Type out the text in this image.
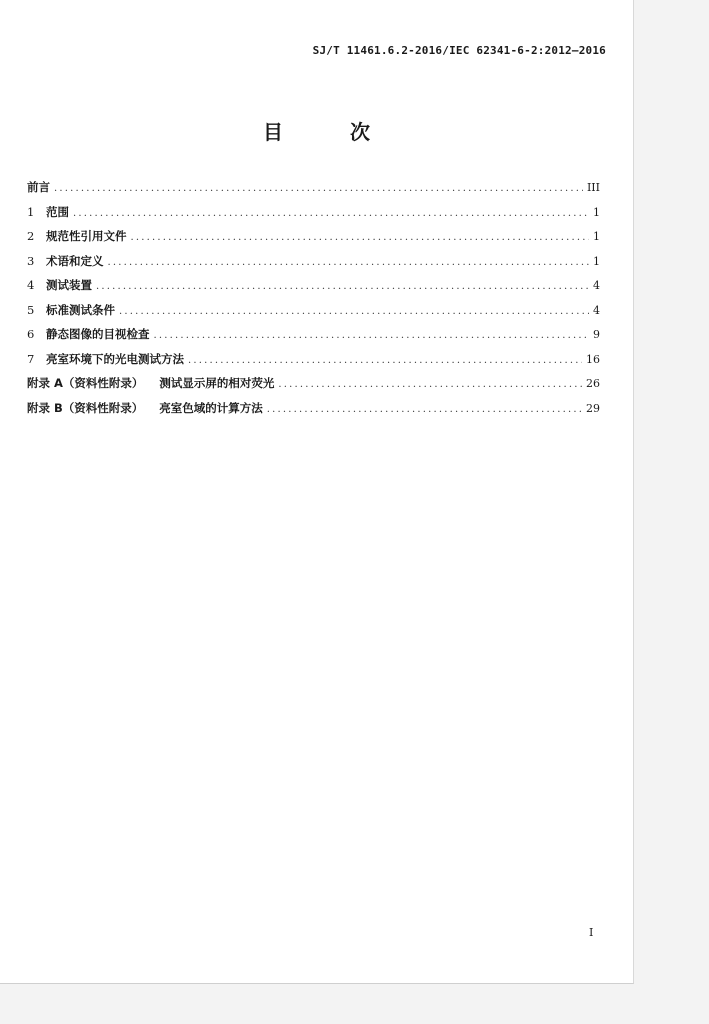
SJ/T 11461.6.2-2016/IEC 62341-6-2:2012—2016
目 次
前言 .....	III
1 范围 .....	1
2 规范性引用文件 .....	1
3 术语和定义 .....	1
4 测试装置 .....	4
5 标准测试条件 .....	4
6 静态图像的目视检查 .....	9
7 亮室环境下的光电测试方法 .....	16
附录 A（资料性附录） 测试显示屏的相对荧光 .....	26
附录 B（资料性附录） 亮室色域的计算方法 .....	29
I
